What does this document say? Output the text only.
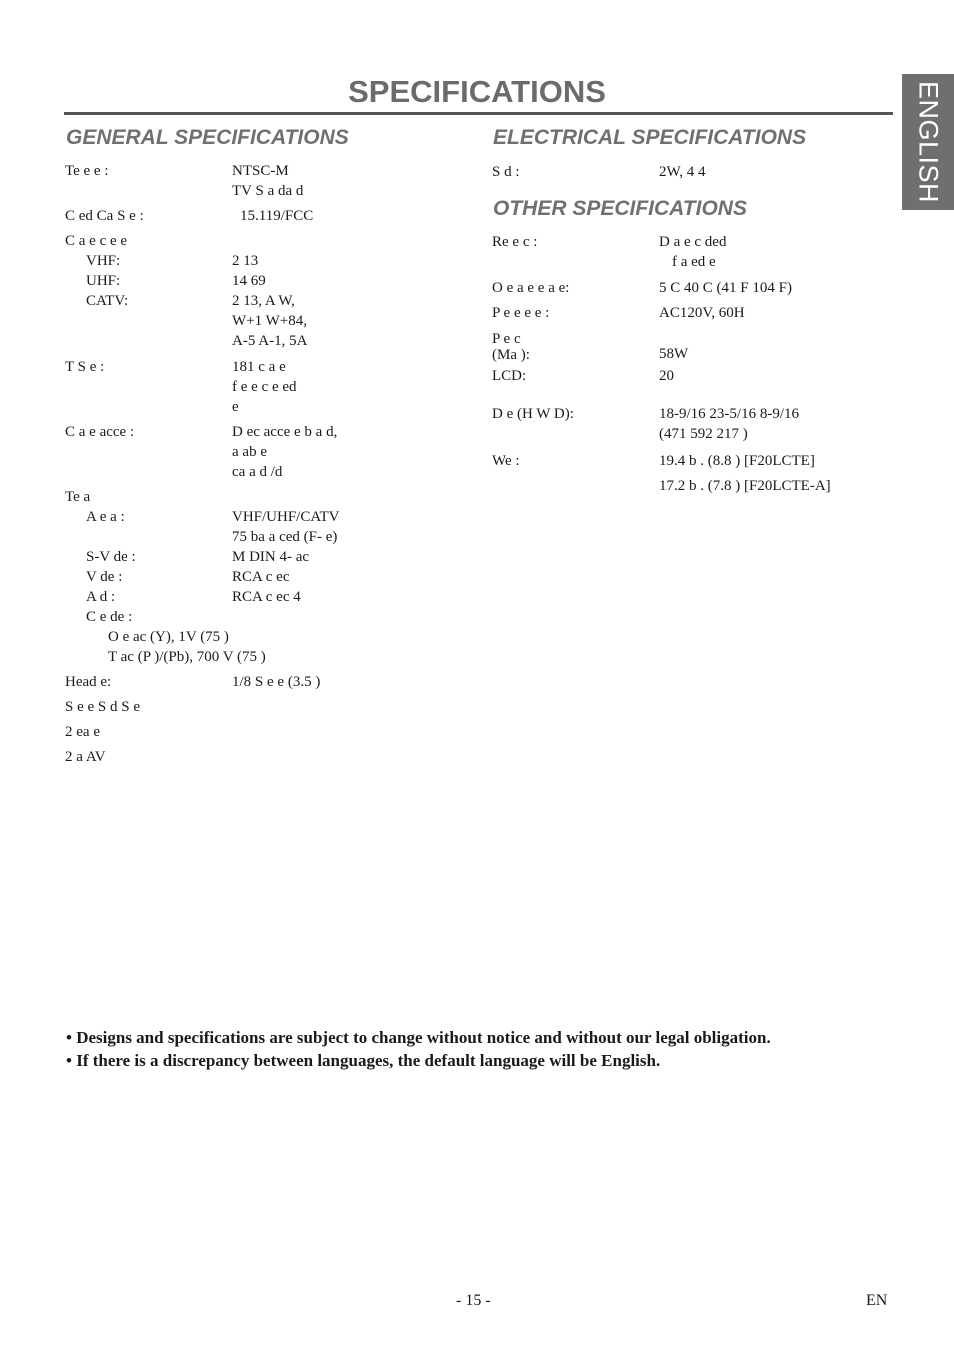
SPECIFICATIONS	ENGLISH
GENERAL SPECIFICATIONS	ELECTRICAL SPECIFICATIONS
OTHER SPECIFICATIONS
Te e e :	NTSC-M
TV S a da d
C ed Ca S e :	15.119/FCC
C a e c e e
VHF:	2 13
UHF:	14 69
CATV:	2 13, A W,
W+1 W+84,
A-5 A-1, 5A
T S e :	181 c a e
f e e c e ed
e
C a e acce :	D ec acce e b a d,
a ab e
ca a d /d
Te a
A e a :	VHF/UHF/CATV
75 ba a ced (F- e)
S-V de :	M DIN 4- ac
V de :	RCA c ec
A d :	RCA c ec 4
C e de :
O e ac (Y), 1V (75 )
T ac (P )/(Pb), 700 V (75 )
Head e:	1/8 S e e (3.5 )
S e e S d S e
2 ea e
2 a AV
S d :	2W, 4 4
Re e c :	D a e c ded
f a ed e
O e a e e a e:	5 C 40 C (41 F 104 F)
P e e e e :	AC120V, 60H
P e c
(Ma ):	58W
LCD:	20
D e (H W D):	18-9/16 23-5/16 8-9/16
(471 592 217 )
We :	19.4 b . (8.8 ) [F20LCTE]
17.2 b . (7.8 ) [F20LCTE-A]
• Designs and specifications are subject to change without notice and without our legal obligation.
• If there is a discrepancy between languages, the default language will be English.
- 15 -	EN
